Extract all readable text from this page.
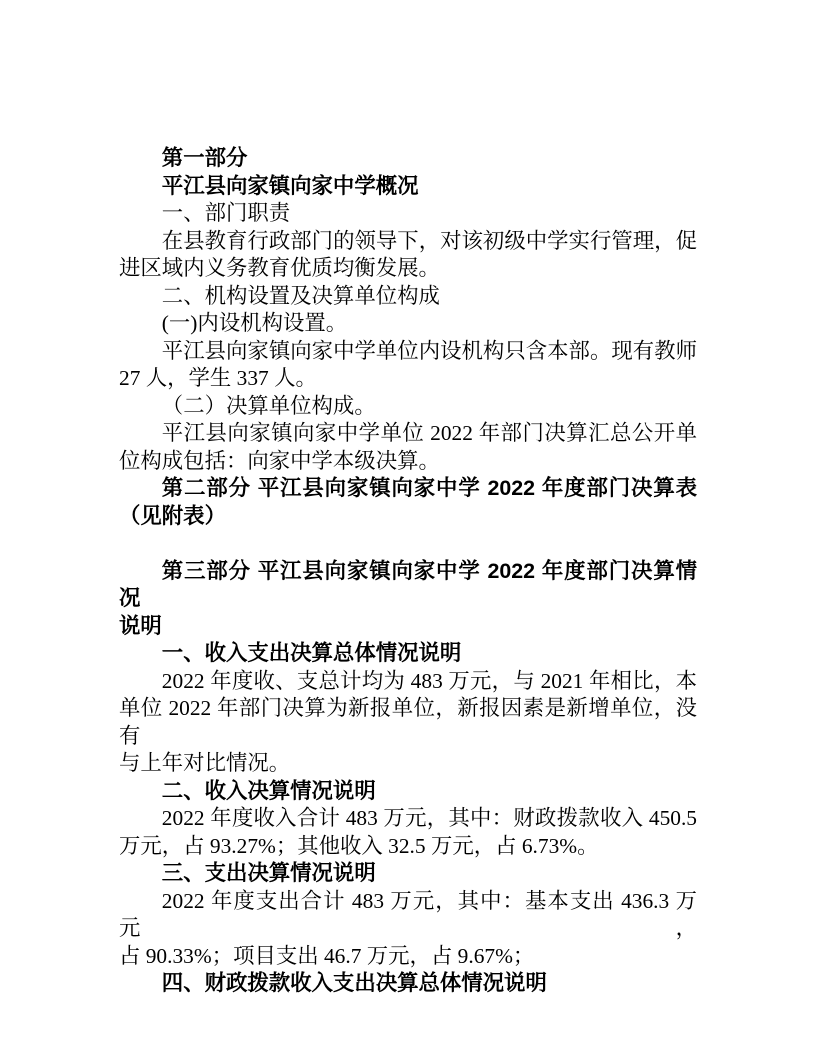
第一部分
平江县向家镇向家中学概况
一、部门职责
在县教育行政部门的领导下，对该初级中学实行管理，促
进区域内义务教育优质均衡发展。
二、机构设置及决算单位构成
(一)内设机构设置。
平江县向家镇向家中学单位内设机构只含本部。现有教师
27 人，学生 337 人。
（二）决算单位构成。
平江县向家镇向家中学单位 2022 年部门决算汇总公开单
位构成包括：向家中学本级决算。
第二部分 平江县向家镇向家中学 2022 年度部门决算表
（见附表）
第三部分 平江县向家镇向家中学 2022 年度部门决算情况
说明
一、收入支出决算总体情况说明
2022 年度收、支总计均为 483 万元，与 2021 年相比，本
单位 2022 年部门决算为新报单位，新报因素是新增单位，没有
与上年对比情况。
二、收入决算情况说明
2022 年度收入合计 483 万元，其中：财政拨款收入 450.5
万元，占 93.27%；其他收入 32.5 万元，占 6.73%。
三、支出决算情况说明
2022 年度支出合计 483 万元，其中：基本支出 436.3 万元，
占 90.33%；项目支出 46.7 万元，占 9.67%；
四、财政拨款收入支出决算总体情况说明
